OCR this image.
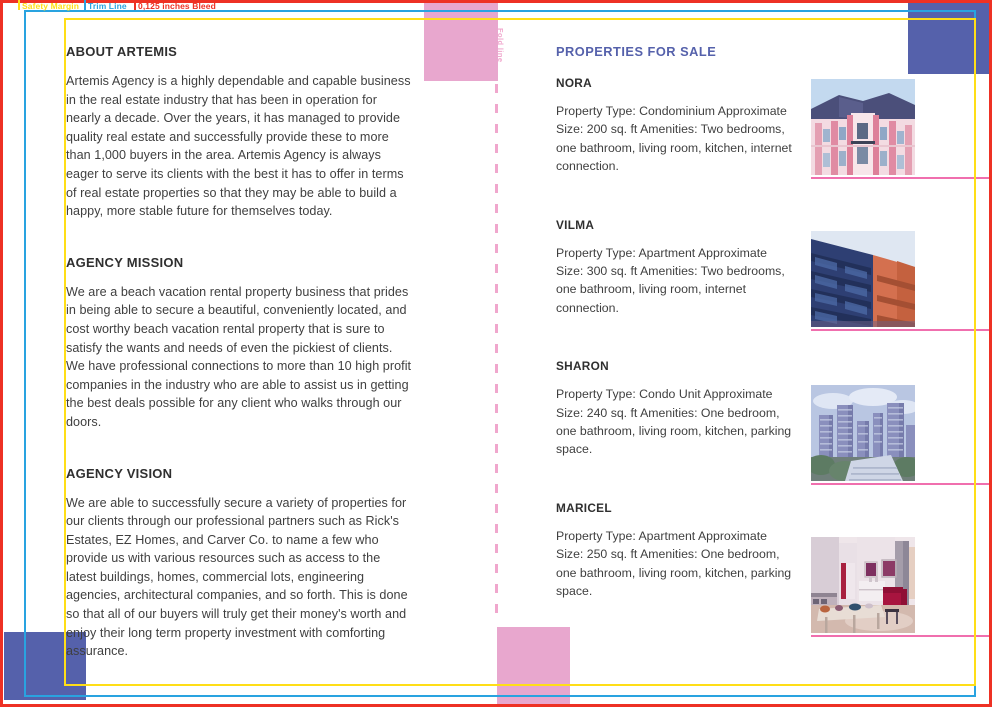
Fold line
ABOUT ARTEMIS

Artemis Agency is a highly dependable and capable business in the real estate industry that has been in operation for nearly a decade. Over the years, it has managed to provide quality real estate and successfully provide these to more than 1,000 buyers in the area. Artemis Agency is always eager to serve its clients with the best it has to offer in terms of real estate properties so that they may be able to build a happy, more stable future for themselves today.

AGENCY MISSION

We are a beach vacation rental property business that prides in being able to secure a beautiful, conveniently located, and cost worthy beach vacation rental property that is sure to satisfy the wants and needs of even the pickiest of clients. We have professional connections to more than 10 high profit companies in the industry who are able to assist us in getting the best deals possible for any client who walks through our doors.

AGENCY VISION

We are able to successfully secure a variety of properties for our clients through our professional partners such as Rick's Estates, EZ Homes, and Carver Co. to name a few who provide us with various resources such as access to the latest buildings, homes, commercial lots, engineering agencies, architectural companies, and so forth. This is done so that all of our buyers will truly get their money's worth and enjoy their long term property investment with comforting assurance.

PROPERTIES FOR SALE
NORA

Property Type: Condominium Approximate Size: 200 sq. ft Amenities: Two bedrooms, one bathroom, living room, kitchen, internet connection.

VILMA

Property Type: Apartment Approximate Size: 300 sq. ft Amenities: Two bedrooms, one bathroom, living room, internet connection.

SHARON

Property Type: Condo Unit Approximate Size: 240 sq. ft Amenities: One bedroom, one bathroom, living room, kitchen, parking space.

MARICEL

Property Type: Apartment Approximate Size: 250 sq. ft Amenities: One bedroom, one bathroom, living room, kitchen, parking space.

Safety Margin Trim Line 0,125 inches Bleed
